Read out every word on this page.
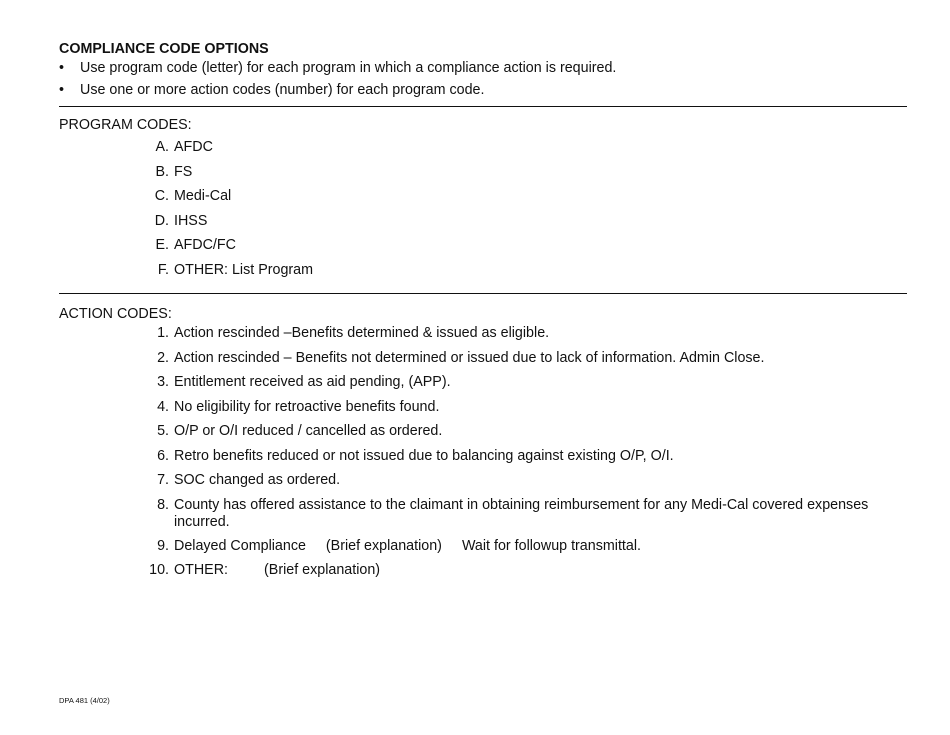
COMPLIANCE CODE OPTIONS
• Use program code (letter) for each program in which a compliance action is required.
• Use one or more action codes (number) for each program code.

PROGRAM CODES:

A. AFDC
B. FS
C. Medi-Cal
D. IHSS
E. AFDC/FC
F. OTHER: List Program

ACTION CODES:

1. Action rescinded –Benefits determined & issued as eligible.
2. Action rescinded – Benefits not determined or issued due to lack of information. Admin Close.
3. Entitlement received as aid pending, (APP).
4. No eligibility for retroactive benefits found.
5. O/P or O/I reduced / cancelled as ordered.
6. Retro benefits reduced or not issued due to balancing against existing O/P, O/I.
7. SOC changed as ordered.
8. County has offered assistance to the claimant in obtaining reimbursement for any Medi-Cal covered expenses incurred.
9. Delayed Compliance (Brief explanation) Wait for followup transmittal.
10. OTHER:	(Brief explanation)

DPA 481 (4/02)
